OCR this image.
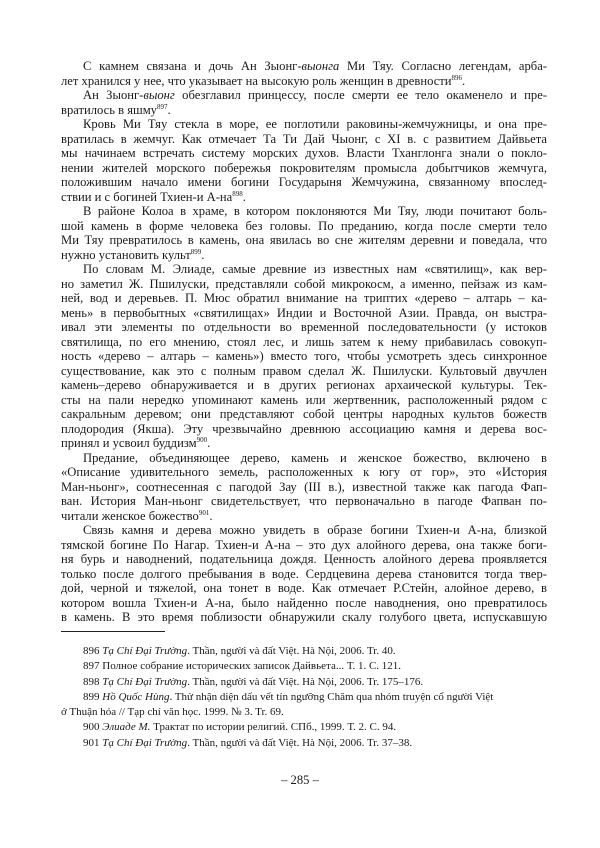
С камнем связана и дочь Ан Зыонг-выонга Ми Тяу. Согласно легендам, арба-
лет хранился у нее, что указывает на высокую роль женщин в древности$^{896}$.
Ан Зыонг-выонг обезглавил принцессу, после смерти ее тело окаменело и пре-
вратилось в яшму$^{897}$.
Кровь Ми Тяу стекла в море, ее поглотили раковины-жемчужницы, и она пре-
вратилась в жемчуг. Как отмечает Та Ти Дай Чыонг, с XI в. с развитием Дайвьета
мы начинаем встречать систему морских духов. Власти Тханглонга знали о покло-
нении жителей морского побережья покровителям промысла добытчиков жемчуга,
положившим начало имени богини Государыня Жемчужина, связанному впослед-
ствии и с богиней Тхиен-и $А-на^{898}$.
В районе Колоа в храме, в котором поклоняются Ми Тяу, люди почитают боль-
шой камень в форме человека без головы. По преданию, когда после смерти тело
Ми Тяу превратилось в камень, она явилась во сне жителям деревни и поведала, что
нужно установить культ$^{899}$.
По словам М. Элиаде, самые древние из известных нам «святилищ», как вер-
но заметил Ж. Пшилуски, представляли собой микрокосм, а именно, пейзаж из кам-
ней, вод и деревьев. П. Мюс обратил внимание на триптих «дерево – алтарь – ка-
мень» в первобытных «святилищах» Индии и Восточной Азии. Правда, он выстра-
ивал эти элементы по отдельности во временной последовательности (у истоков
святилища, по его мнению, стоял лес, и лишь затем к нему прибавилась совокуп-
ность «дерево – алтарь – камень») вместо того, чтобы усмотреть здесь синхронное
существование, как это с полным правом сделал Ж. Пшилуски. Культовый двучлен
камень–дерево обнаруживается и в других регионах архаической культуры. Тек-
сты на пали нередко упоминают камень или жертвенник, расположенный рядом с
сакральным деревом; они представляют собой центры народных культов божеств
плодородия (Якша). Эту чрезвычайно древнюю ассоциацию камня и дерева вос-
принял и усвоил буддизм$^{900}$.
Предание, объединяющее дерево, камень и женское божество, включено в
«Описание удивительного земель, расположенных к югу от гор», это «История
Ман-ньонг», соотнесенная с пагодой Зау (III в.), известной также как пагода Фап-
ван. История Ман-ньонг свидетельствует, что первоначально в пагоде Фапван по-
читали женское божество$^{901}$.
Связь камня и дерева можно увидеть в образе богини Тхиен-и А-на, близкой
тямской богине По Нагар. Тхиен-и А-на – это дух алойного дерева, она также боги-
ня бурь и наводнений, подательница дождя. Ценность алойного дерева проявляется
только после долгого пребывания в воде. Сердцевина дерева становится тогда твер-
дой, черной и тяжелой, она тонет в воде. Как отмечает Р.Стейн, алойное дерево, в
котором вошла Тхиен-и А-на, было найденно после наводнения, оно превратилось
в камень. В это время поблизости обнаружили скалу голубого цвета, испускавшую
896 Tạ Chí Đại Trường. Thần, người và đất Việt. Hà Nội, 2006. Tr. 40.
897 Полное собрание исторических записок Дайвьета... Т. 1. С. 121.
898 Tạ Chí Đại Trường. Thần, người và đất Việt. Hà Nội, 2006. Tr. 175–176.
899 Hồ Quốc Hùng. Thử nhận diện dấu vết tín ngưỡng Chăm qua nhóm truyện cổ người Việt
ở Thuận hóa // Tạp chí văn học. 1999. № 3. Tr. 69.
900 Элиаде М. Трактат по истории религий. СПб., 1999. Т. 2. С. 94.
901 Tạ Chí Đại Trường. Thần, người và đất Việt. Hà Nội, 2006. Tr. 37–38.
– 285 –
